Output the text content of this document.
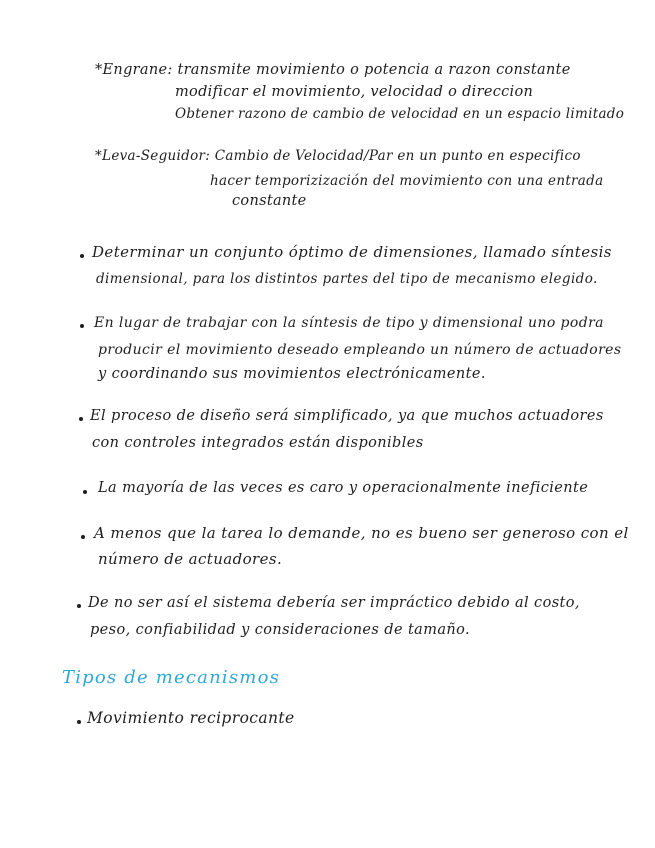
*Engrane: transmite movimiento o potencia a razon constante
modificar el movimiento, velocidad o direccion
Obtener razono de cambio de velocidad en un espacio limitado
*Leva-Seguidor: Cambio de Velocidad/Par en un punto en especifico
hacer temporizización del movimiento con una entrada
constante
Determinar un conjunto óptimo de dimensiones, llamado síntesis
dimensional, para los distintos partes del tipo de mecanismo elegido.
En lugar de trabajar con la síntesis de tipo y dimensional uno podra
producir el movimiento deseado empleando un número de actuadores
y coordinando sus movimientos electrónicamente.
El proceso de diseño será simplificado, ya que muchos actuadores
con controles integrados están disponibles
La mayoría de las veces es caro y operacionalmente ineficiente
A menos que la tarea lo demande, no es bueno ser generoso con el
número de actuadores.
De no ser así el sistema debería ser impráctico debido al costo,
peso, confiabilidad y consideraciones de tamaño.
Tipos de mecanismos
Movimiento reciprocante
